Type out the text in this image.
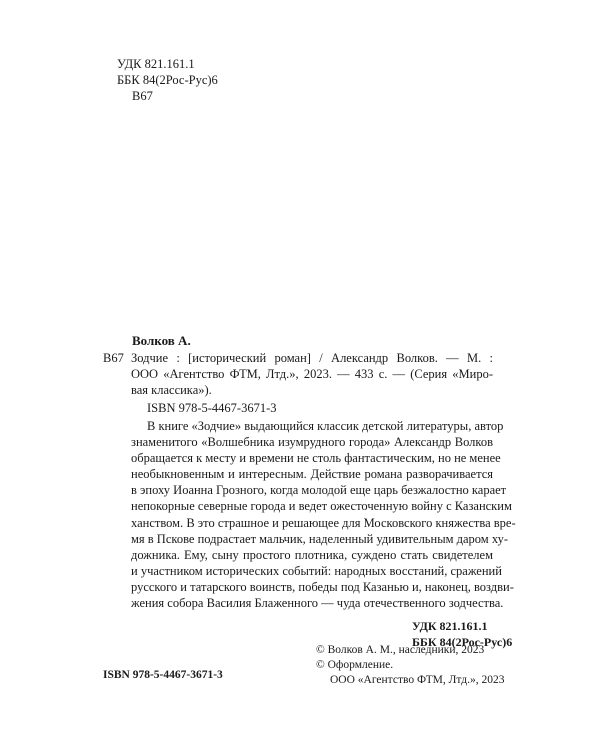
УДК 821.161.1
ББК 84(2Рос-Рус)6
В67
Волков А.
В67 Зодчие : [исторический роман] / Александр Волков. — М. :
ООО «Агентство ФТМ, Лтд.», 2023. — 433 с. — (Серия «Миро-
вая классика»).
ISBN 978-5-4467-3671-3
В книге «Зодчие» выдающийся классик детской литературы, автор
знаменитого «Волшебника изумрудного города» Александр Волков
обращается к месту и времени не столь фантастическим, но не менее
необыкновенным и интересным. Действие романа разворачивается
в эпоху Иоанна Грозного, когда молодой еще царь безжалостно карает
непокорные северные города и ведет ожесточенную войну с Казанским
ханством. В это страшное и решающее для Московского княжества вре-
мя в Пскове подрастает мальчик, наделенный удивительным даром ху-
дожника. Ему, сыну простого плотника, суждено стать свидетелем
и участником исторических событий: народных восстаний, сражений
русского и татарского воинств, победы под Казанью и, наконец, воздви-
жения собора Василия Блаженного — чуда отечественного зодчества.
УДК 821.161.1
ББК 84(2Рос-Рус)6
ISBN 978-5-4467-3671-3
© Волков А. М., наследники, 2023
© Оформление.
ООО «Агентство ФТМ, Лтд.», 2023
